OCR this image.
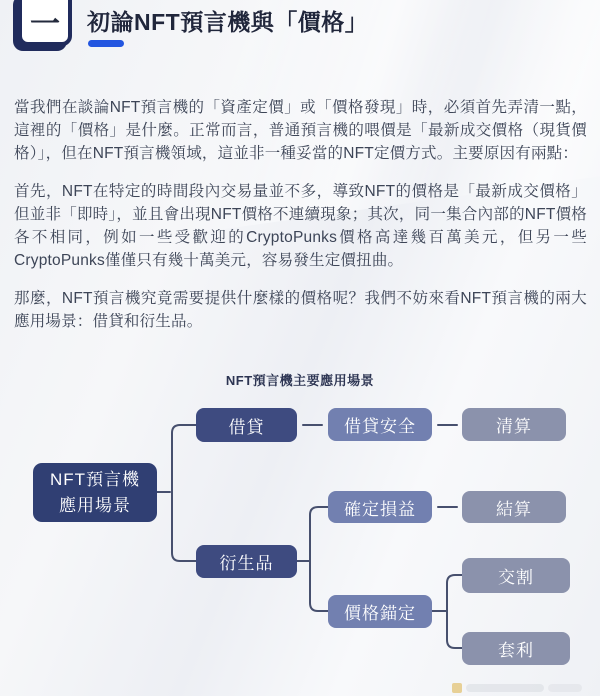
一 初論NFT預言機與「價格」

當我們在談論NFT預言機的「資產定價」或「價格發現」時，必須首先弄清一點，這裡的「價格」是什麼。正常而言，普通預言機的喂價是「最新成交價格（現貨價格）」，但在NFT預言機領域，這並非一種妥當的NFT定價方式。主要原因有兩點：

首先，NFT在特定的時間段內交易量並不多，導致NFT的價格是「最新成交價格」但並非「即時」，並且會出現NFT價格不連續現象；其次，同一集合內部的NFT價格各不相同，例如一些受歡迎的CryptoPunks價格高達幾百萬美元，但另一些CryptoPunks僅僅只有幾十萬美元，容易發生定價扭曲。

那麼，NFT預言機究竟需要提供什麼樣的價格呢？我們不妨來看NFT預言機的兩大應用場景：借貸和衍生品。

NFT預言機主要應用場景
NFT預言機
應用場景
借貸	借貸安全	清算
確定損益	結算
衍生品
價格錨定
交割
套利
